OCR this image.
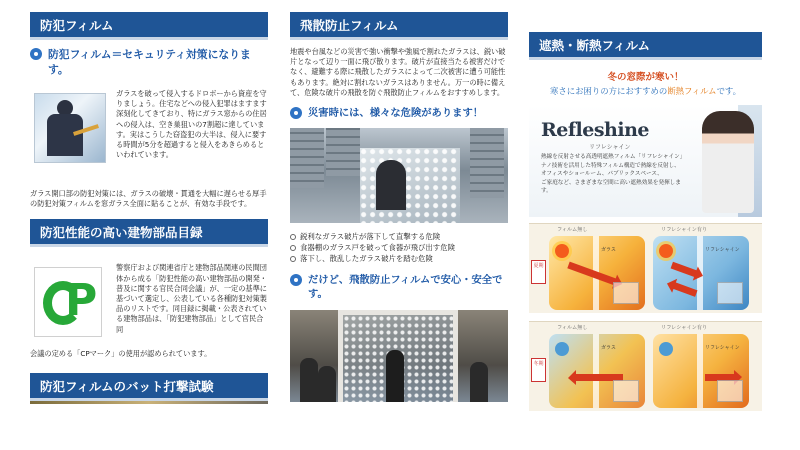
防犯フィルム
防犯フィルム＝セキュリティ対策になります。
ガラスを破って侵入するドロボーから資産を守りましょう。住宅などへの侵入犯罪はますます深刻化してきており、特にガラス窓からの住居への侵入は、空き巣狙いの7割超に達しています。実はこうした窃盗犯の大半は、侵入に要する時間が5分を超過すると侵入をあきらめるといわれています。
ガラス開口部の防犯対策には、ガラスの破壊・貫通を大幅に遅らせる厚手の防犯対策フィルムを窓ガラス全面に貼ることが、有効な手段です。
防犯性能の高い建物部品目録
P
警察庁および関連省庁と建物部品関連の民間団体から成る「防犯性能の高い建物部品の開発・普及に関する官民合同会議」が、一定の基準に基づいて選定し、公表している各種防犯対策製品のリストです。同目録に掲載・公表されている建物部品は、「防犯建物部品」として官民合同
会議の定める「CPマーク」の使用が認められています。
防犯フィルムのバット打撃試験
飛散防止フィルム
地震や台風などの災害で強い衝撃や強風で割れたガラスは、鋭い破片となって辺り一面に飛び散ります。破片が直接当たる被害だけでなく、避難する際に飛散したガラスによって二次被害に遭う可能性もあります。絶対に割れないガラスはありません。万一の時に備えて、危険な破片の飛散を防ぐ飛散防止フィルムをおすすめします。
災害時には、様々な危険があります！
鋭利なガラス破片が落下して直撃する危険
食器棚のガラス戸を破って食器が飛び出す危険
落下し、散乱したガラス破片を踏む危険
だけど、飛散防止フィルムで安心・安全です。
遮熱・断熱フィルム
冬の窓際が寒い！
寒さにお困りの方におすすめの断熱フィルムです。
Refleshine
リフレシャイン
熱線を反射させる高透明遮熱フィルム「リフレシャイン」
ナノ技術を活用した特殊フィルム構造で熱線を反射し、
オフィスやショールーム、パブリックスペース、
ご家庭など、さまざまな空間に高い遮熱効果を発揮します。
フィルム無し	リフレシャイン有り
夏期
ガラス	リフレシャイン
フィルム無し	リフレシャイン有り
冬期
ガラス	リフレシャイン
